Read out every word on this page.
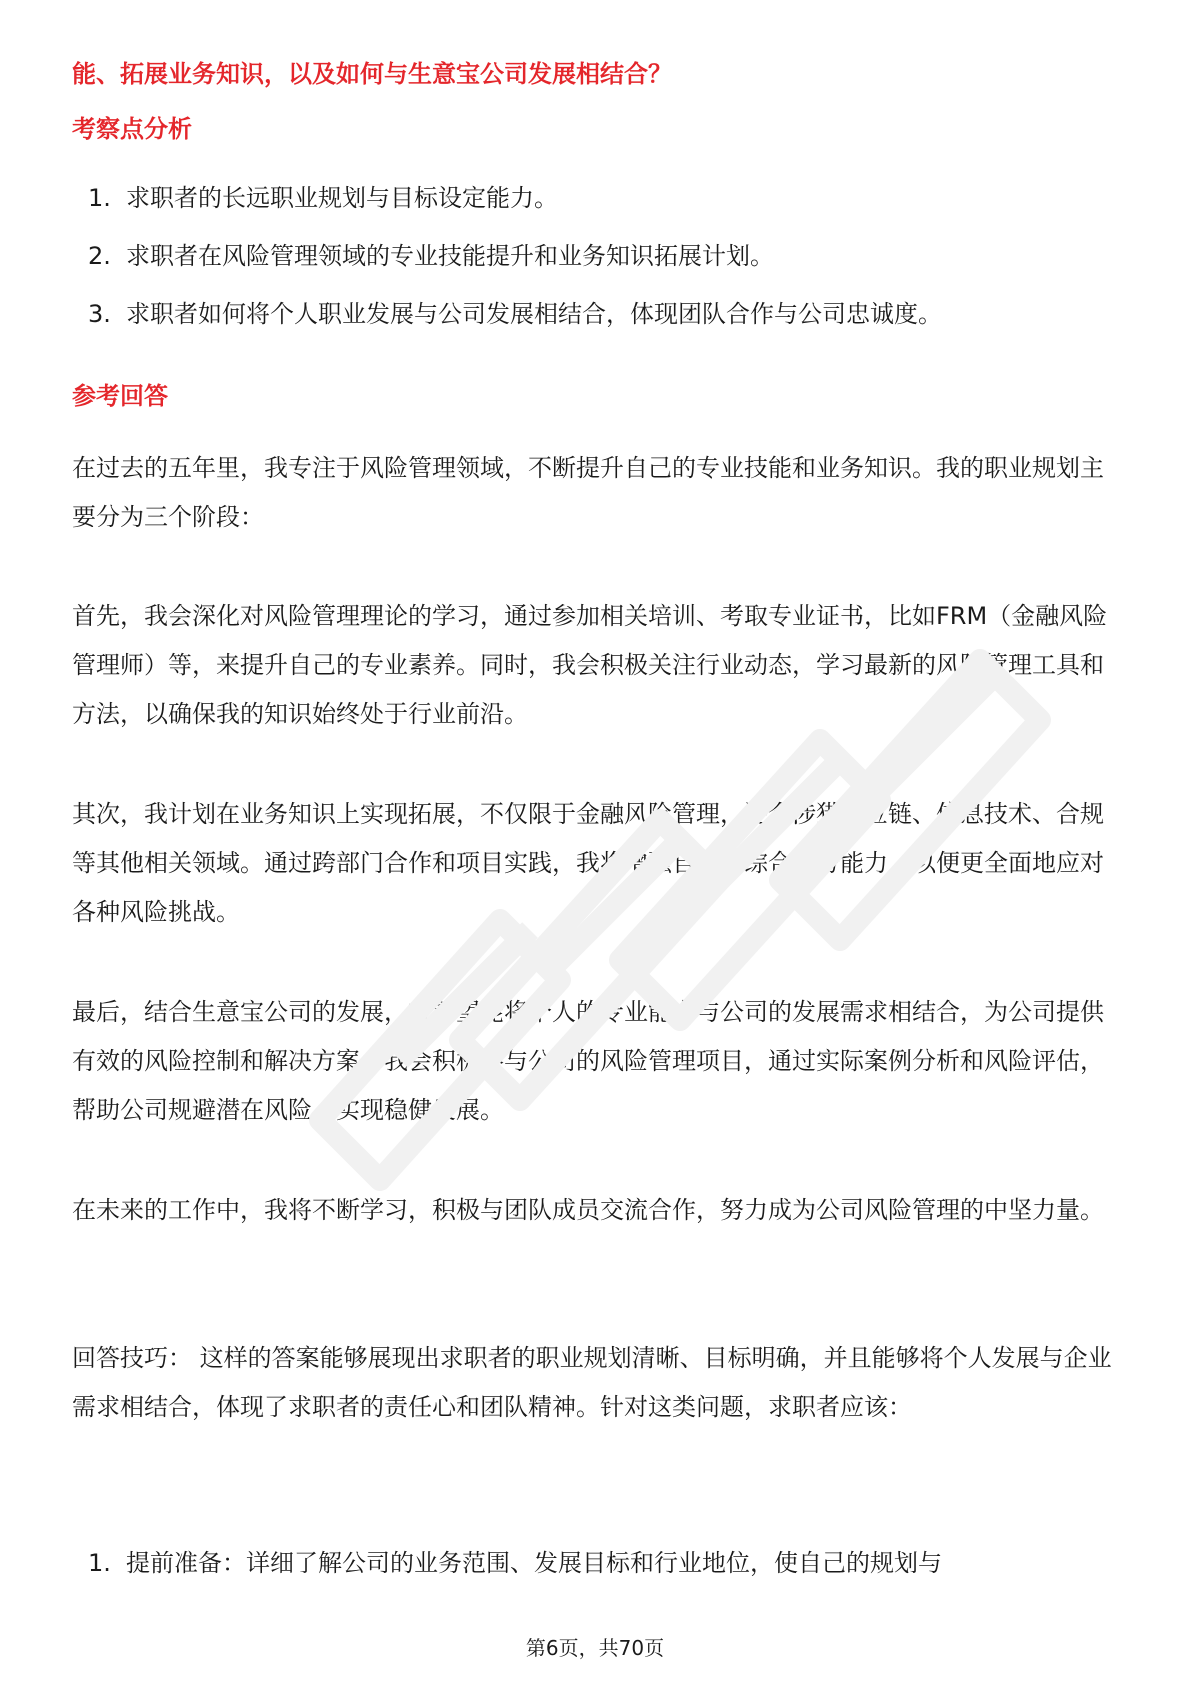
能、拓展业务知识，以及如何与生意宝公司发展相结合？

考察点分析

1. 求职者的长远职业规划与目标设定能力。
2. 求职者在风险管理领域的专业技能提升和业务知识拓展计划。
3. 求职者如何将个人职业发展与公司发展相结合，体现团队合作与公司忠诚度。

参考回答

在过去的五年里，我专注于风险管理领域，不断提升自己的专业技能和业务知识。我的职业规划主要分为三个阶段：

首先，我会深化对风险管理理论的学习，通过参加相关培训、考取专业证书，比如FRM（金融风险管理师）等，来提升自己的专业素养。同时，我会积极关注行业动态，学习最新的风险管理工具和方法，以确保我的知识始终处于行业前沿。

其次，我计划在业务知识上实现拓展，不仅限于金融风险管理，还会涉猎供应链、信息技术、合规等其他相关领域。通过跨部门合作和项目实践，我将增强自己的综合业务能力，以便更全面地应对各种风险挑战。

最后，结合生意宝公司的发展，我希望能将个人的专业能力与公司的发展需求相结合，为公司提供有效的风险控制和解决方案。我会积极参与公司的风险管理项目，通过实际案例分析和风险评估，帮助公司规避潜在风险，实现稳健发展。

在未来的工作中，我将不断学习，积极与团队成员交流合作，努力成为公司风险管理的中坚力量。

回答技巧： 这样的答案能够展现出求职者的职业规划清晰、目标明确，并且能够将个人发展与企业需求相结合，体现了求职者的责任心和团队精神。针对这类问题，求职者应该：

1. 提前准备：详细了解公司的业务范围、发展目标和行业地位，使自己的规划与
第6页，共70页
